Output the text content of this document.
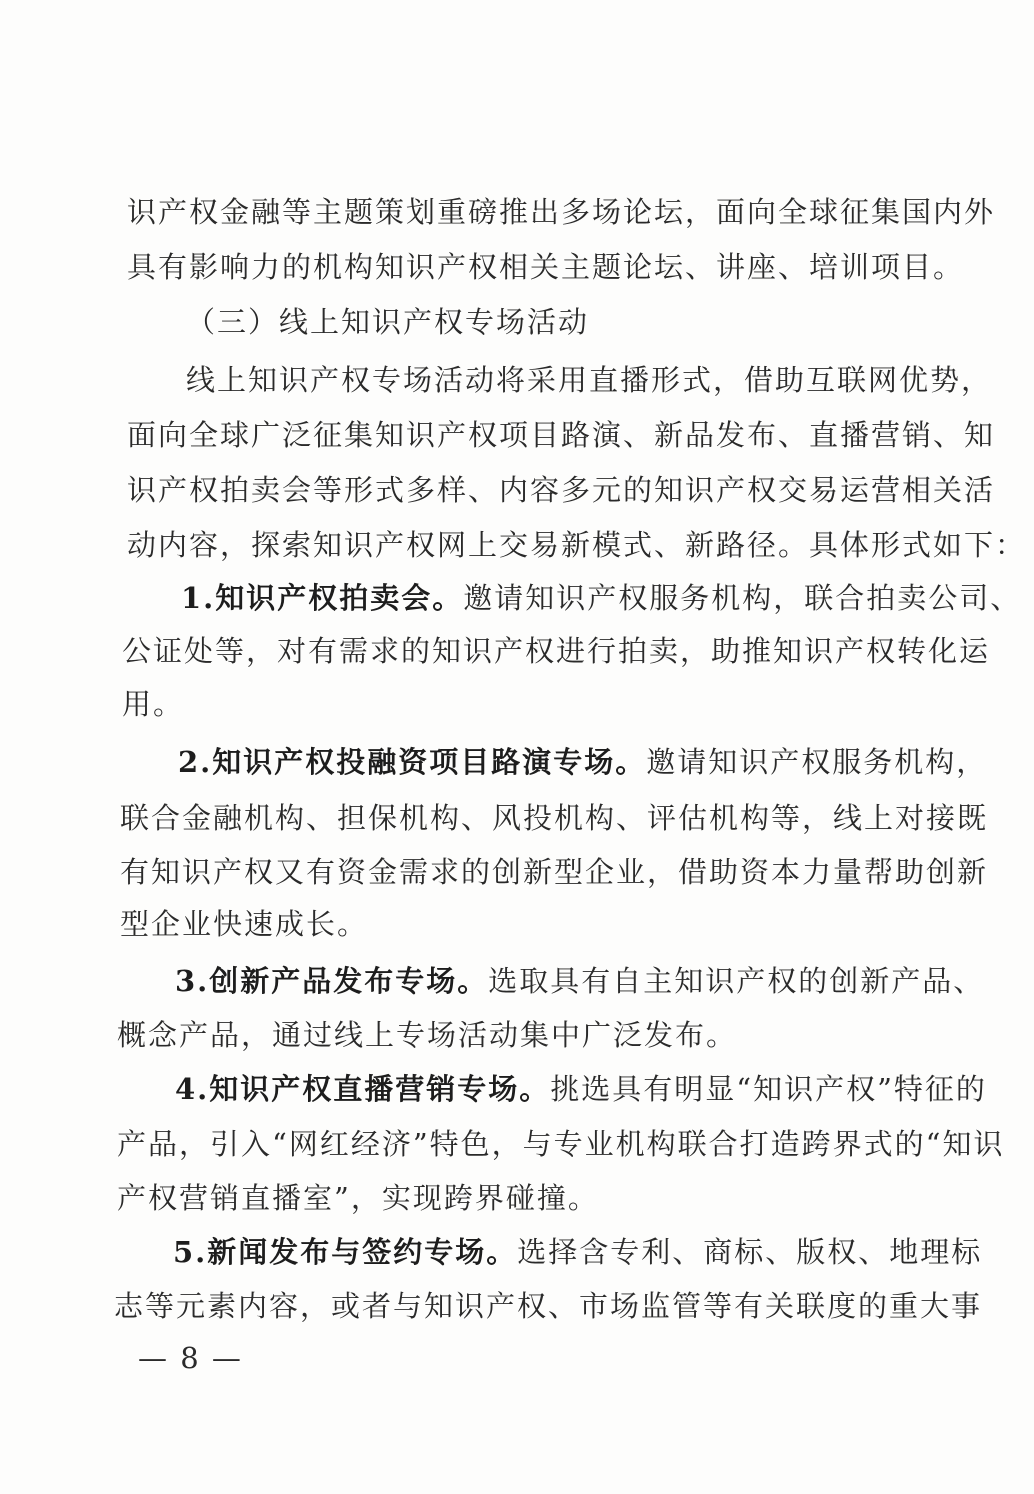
识产权金融等主题策划重磅推出多场论坛，面向全球征集国内外
具有影响力的机构知识产权相关主题论坛、讲座、培训项目。
（三）线上知识产权专场活动
线上知识产权专场活动将采用直播形式，借助互联网优势，
面向全球广泛征集知识产权项目路演、新品发布、直播营销、知
识产权拍卖会等形式多样、内容多元的知识产权交易运营相关活
动内容，探索知识产权网上交易新模式、新路径。具体形式如下：
1.知识产权拍卖会。邀请知识产权服务机构，联合拍卖公司、
公证处等，对有需求的知识产权进行拍卖，助推知识产权转化运
用。
2.知识产权投融资项目路演专场。邀请知识产权服务机构，
联合金融机构、担保机构、风投机构、评估机构等，线上对接既
有知识产权又有资金需求的创新型企业，借助资本力量帮助创新
型企业快速成长。
3.创新产品发布专场。选取具有自主知识产权的创新产品、
概念产品，通过线上专场活动集中广泛发布。
4.知识产权直播营销专场。挑选具有明显“知识产权”特征的
产品，引入“网红经济”特色，与专业机构联合打造跨界式的“知识
产权营销直播室”，实现跨界碰撞。
5.新闻发布与签约专场。选择含专利、商标、版权、地理标
志等元素内容，或者与知识产权、市场监管等有关联度的重大事
— 8 —
